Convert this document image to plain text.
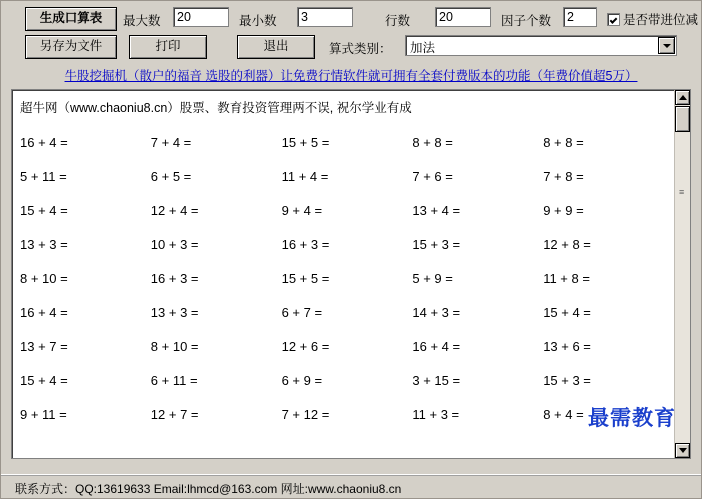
生成口算表
另存为文件	打印	退出
最大数	20	最小数	3	行数	20	因子个数	2	是否带进位减
算式类别：	加法
牛股挖掘机（散户的福音 选股的利器）让免费行情软件就可拥有全套付费版本的功能（年费价值超5万）
超牛网（www.chaoniu8.cn）股票、教育投资管理两不误, 祝尔学业有成
16 + 4 =	7 + 4 =	15 + 5 =	8 + 8 =	8 + 8 =
5 + 11 =	6 + 5 =	11 + 4 =	7 + 6 =	7 + 8 =
15 + 4 =	12 + 4 =	9 + 4 =	13 + 4 =	9 + 9 =
13 + 3 =	10 + 3 =	16 + 3 =	15 + 3 =	12 + 8 =
8 + 10 =	16 + 3 =	15 + 5 =	5 + 9 =	11 + 8 =
16 + 4 =	13 + 3 =	6 + 7 =	14 + 3 =	15 + 4 =
13 + 7 =	8 + 10 =	12 + 6 =	16 + 4 =	13 + 6 =
15 + 4 =	6 + 11 =	6 + 9 =	3 + 15 =	15 + 3 =
9 + 11 =	12 + 7 =	7 + 12 =	11 + 3 =	8 + 4 =
≡
最需教育
联系方式：QQ:13619633 Email:lhmcd@163.com 网址:www.chaoniu8.cn
